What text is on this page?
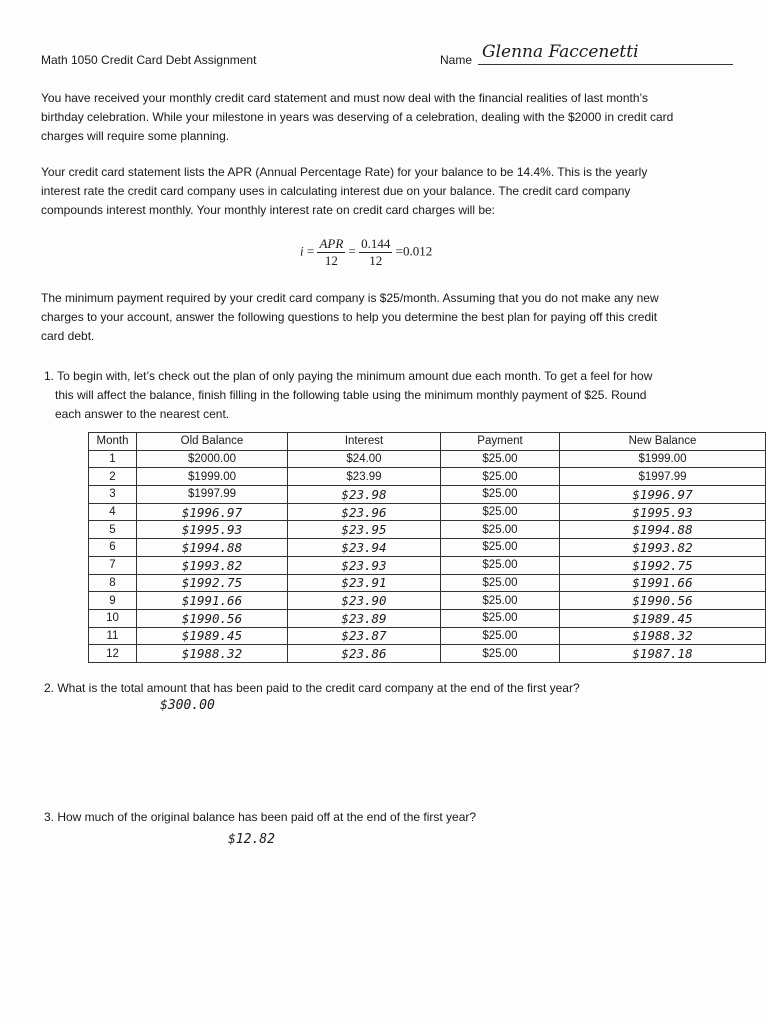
Math 1050 Credit Card Debt Assignment	Name Glenna Faccenetti
You have received your monthly credit card statement and must now deal with the financial realities of last month’s
birthday celebration. While your milestone in years was deserving of a celebration, dealing with the $2000 in credit card
charges will require some planning.
Your credit card statement lists the APR (Annual Percentage Rate) for your balance to be 14.4%. This is the yearly
interest rate the credit card company uses in calculating interest due on your balance. The credit card company
compounds interest monthly. Your monthly interest rate on credit card charges will be:
$i = \frac{\text{APR}}{12} = \frac{0.144}{12} =0.012$
The minimum payment required by your credit card company is $25/month. Assuming that you do not make any new
charges to your account, answer the following questions to help you determine the best plan for paying off this credit
card debt.
1. To begin with, let’s check out the plan of only paying the minimum amount due each month. To get a feel for how
this will affect the balance, finish filling in the following table using the minimum monthly payment of $25. Round
each answer to the nearest cent.
Month	Old Balance	Interest	Payment	New Balance
1	$2000.00	$24.00	$25.00	$1999.00
2	$1999.00	$23.99	$25.00	$1997.99
3	$1997.99	$23.98	$25.00	$1996.97
4	$1996.97	$23.96	$25.00	$1995.93
5	$1995.93	$23.95	$25.00	$1994.88
6	$1994.88	$23.94	$25.00	$1993.82
7	$1993.82	$23.93	$25.00	$1992.75
8	$1992.75	$23.91	$25.00	$1991.66
9	$1991.66	$23.90	$25.00	$1990.56
10	$1990.56	$23.89	$25.00	$1989.45
11	$1989.45	$23.87	$25.00	$1988.32
12	$1988.32	$23.86	$25.00	$1987.18
2. What is the total amount that has been paid to the credit card company at the end of the first year?
$300.00
3. How much of the original balance has been paid off at the end of the first year?
$12.82
